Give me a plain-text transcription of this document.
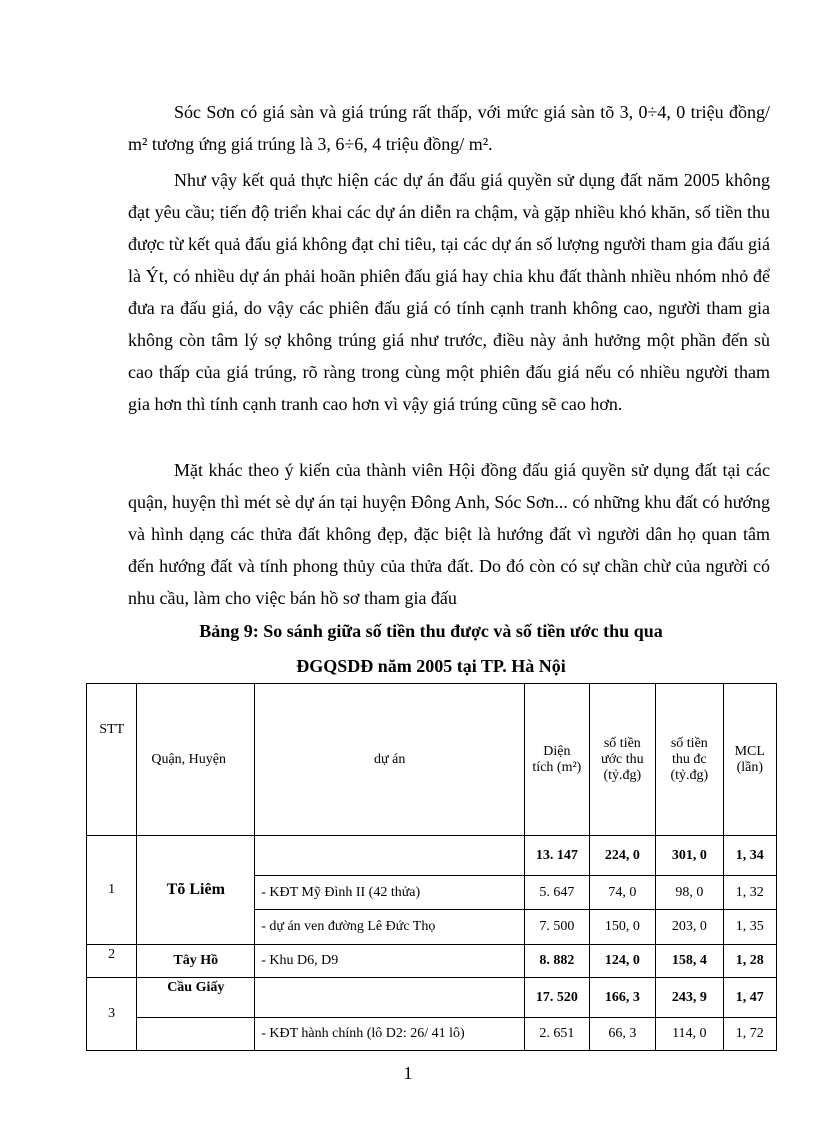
Sóc Sơn có giá sàn và giá trúng rất thấp, với mức giá sàn tõ 3, 0÷4, 0 triệu đồng/ m² tương ứng giá trúng là 3, 6÷6, 4 triệu đồng/ m².
Như vậy kết quả thực hiện các dự án đấu giá quyền sử dụng đất năm 2005 không đạt yêu cầu; tiến độ triển khai các dự án diễn ra chậm, và gặp nhiều khó khăn, số tiền thu được từ kết quả đấu giá không đạt chỉ tiêu, tại các dự án số lượng người tham gia đấu giá là Ýt, có nhiều dự án phải hoãn phiên đấu giá hay chia khu đất thành nhiều nhóm nhỏ để đưa ra đấu giá, do vậy các phiên đấu giá có tính cạnh tranh không cao, người tham gia không còn tâm lý sợ không trúng giá như trước, điều này ảnh hưởng một phần đến sù cao thấp của giá trúng, rõ ràng trong cùng một phiên đấu giá nếu có nhiều người tham gia hơn thì tính cạnh tranh cao hơn vì vậy giá trúng cũng sẽ cao hơn.
Mặt khác theo ý kiến của thành viên Hội đồng đấu giá quyền sử dụng đất tại các quận, huyện thì mét sè dự án tại huyện Đông Anh, Sóc Sơn... có những khu đất có hướng và hình dạng các thửa đất không đẹp, đặc biệt là hướng đất vì người dân họ quan tâm đến hướng đất và tính phong thủy của thửa đất. Do đó còn có sự chần chừ của người có nhu cầu, làm cho việc bán hồ sơ tham gia đấu
Bảng 9: So sánh giữa số tiền thu được và số tiền ước thu qua
ĐGQSDĐ năm 2005 tại TP. Hà Nội
STT	Quận, Huyện	dự án	Diện tích (m²)	số tiền ước thu (tỷ.đg)	số tiền thu đc (tỷ.đg)	MCL (lần)
1	Tõ Liêm		13. 147	224, 0	301, 0	1, 34
		- KĐT Mỹ Đình II (42 thửa)	5. 647	74, 0	98, 0	1, 32
		- dự án ven đường Lê Đức Thọ	7. 500	150, 0	203, 0	1, 35
2	Tây Hồ	- Khu D6, D9	8. 882	124, 0	158, 4	1, 28
3	Cầu Giấy		17. 520	166, 3	243, 9	1, 47
		- KĐT hành chính (lô D2: 26/ 41 lô)	2. 651	66, 3	114, 0	1, 72
1
